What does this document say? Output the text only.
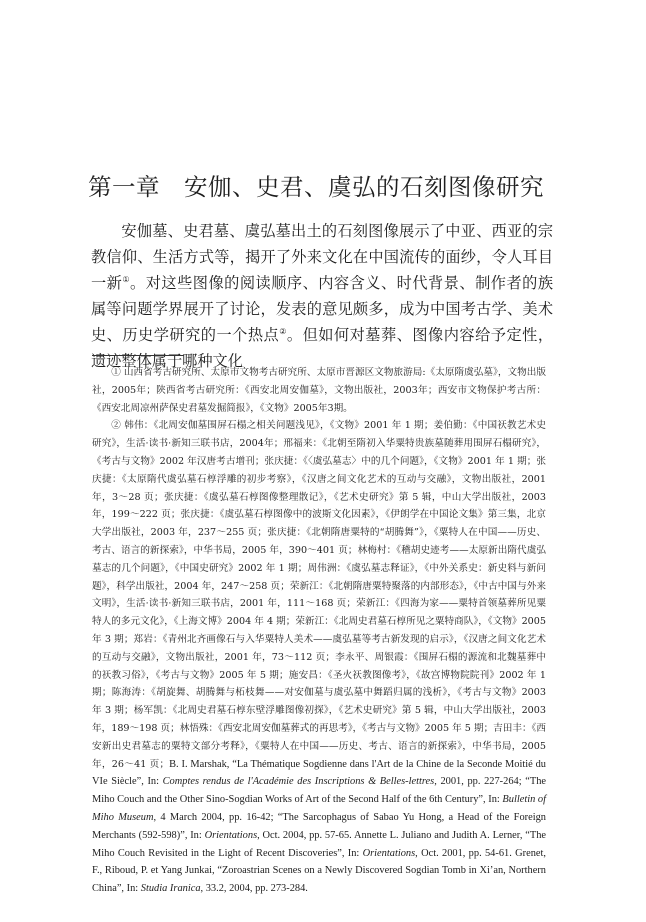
第一章　安伽、史君、虞弘的石刻图像研究

安伽墓、史君墓、虞弘墓出土的石刻图像展示了中亚、西亚的宗教信仰、生活方式等，揭开了外来文化在中国流传的面纱，令人耳目一新①。对这些图像的阅读顺序、内容含义、时代背景、制作者的族属等问题学界展开了讨论，发表的意见颇多，成为中国考古学、美术史、历史学研究的一个热点②。但如何对墓葬、图像内容给予定性，遗迹整体属于哪种文化

① 山西省考古研究所、太原市文物考古研究所、太原市晋源区文物旅游局:《太原隋虞弘墓》，文物出版社，2005年；陕西省考古研究所：《西安北周安伽墓》，文物出版社，2003年；西安市文物保护考古所：《西安北周凉州萨保史君墓发掘简报》，《文物》2005年3期。

② 韩伟：《北周安伽墓围屏石榻之相关问题浅见》，《文物》2001 年 1 期；姜伯勤：《中国祆教艺术史研究》，生活·读书·新知三联书店，2004年；邢福来：《北朝至隋初入华粟特贵族墓随葬用围屏石榻研究》，《考古与文物》2002 年汉唐考古增刊；张庆捷：《〈虞弘墓志〉中的几个问题》，《文物》2001 年 1 期；张庆捷：《太原隋代虞弘墓石椁浮雕的初步考察》，《汉唐之间文化艺术的互动与交融》，文物出版社，2001 年，3～28 页；张庆捷：《虞弘墓石椁图像整理散记》，《艺术史研究》第 5 辑，中山大学出版社，2003 年，199～222 页；张庆捷：《虞弘墓石椁图像中的波斯文化因素》，《伊朗学在中国论文集》第三集，北京大学出版社，2003 年，237～255 页；张庆捷：《北朝隋唐粟特的“胡腾舞”》，《粟特人在中国——历史、考古、语言的新探索》，中华书局，2005 年，390～401 页；林梅村：《稽胡史迹考——太原新出隋代虞弘墓志的几个问题》，《中国史研究》2002 年 1 期；周伟洲：《虞弘墓志释证》，《中外关系史：新史料与新问题》，科学出版社，2004 年，247～258 页；荣新江：《北朝隋唐粟特聚落的内部形态》，《中古中国与外来文明》，生活·读书·新知三联书店，2001 年，111～168 页；荣新江：《四海为家——粟特首领墓葬所见粟特人的多元文化》，《上海文博》2004 年 4 期；荣新江：《北周史君墓石椁所见之粟特商队》，《文物》2005 年 3 期；郑岩：《青州北齐画像石与入华粟特人美术——虞弘墓等考古新发现的启示》，《汉唐之间文化艺术的互动与交融》，文物出版社，2001 年，73～112 页；李永平、周银霞：《围屏石榻的源流和北魏墓葬中的祆教习俗》，《考古与文物》2005 年 5 期；施安昌：《圣火祆教图像考》，《故宫博物院院刊》2002 年 1 期；陈海涛：《胡旋舞、胡腾舞与柘枝舞——对安伽墓与虞弘墓中舞蹈归属的浅析》，《考古与文物》2003 年 3 期；杨军凯：《北周史君墓石椁东壁浮雕图像初探》，《艺术史研究》第 5 辑，中山大学出版社，2003 年，189～198 页；林悟殊：《西安北周安伽墓葬式的再思考》，《考古与文物》2005 年 5 期；吉田丰：《西安新出史君墓志的粟特文部分考释》，《粟特人在中国——历史、考古、语言的新探索》，中华书局，2005 年，26～41 页；B. I. Marshak, “La Thématique Sogdienne dans l'Art de la Chine de la Seconde Moitié du VIe Siècle”, In: Comptes rendus de l'Académie des Inscriptions & Belles-lettres, 2001, pp. 227-264; “The Miho Couch and the Other Sino-Sogdian Works of Art of the Second Half of the 6th Century”, In: Bulletin of Miho Museum, 4 March 2004, pp. 16-42; “The Sarcophagus of Sabao Yu Hong, a Head of the Foreign Merchants (592-598)”, In: Orientations, Oct. 2004, pp. 57-65. Annette L. Juliano and Judith A. Lerner, “The Miho Couch Revisited in the Light of Recent Discoveries”, In: Orientations, Oct. 2001, pp. 54-61. Grenet, F., Riboud, P. et Yang Junkai, “Zoroastrian Scenes on a Newly Discovered Sogdian Tomb in Xi’an, Northern China”, In: Studia Iranica, 33.2, 2004, pp. 273-284.
